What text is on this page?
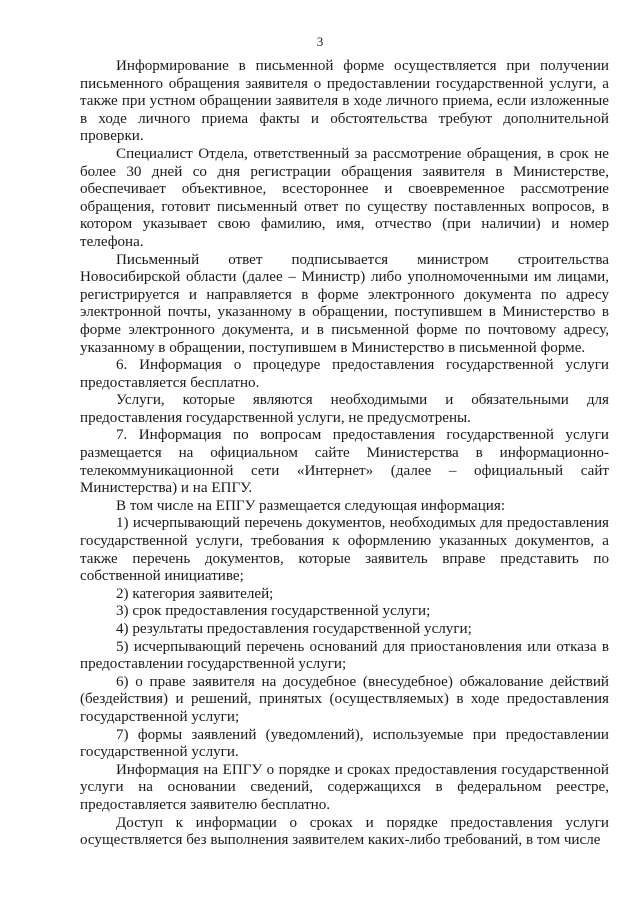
3

Информирование в письменной форме осуществляется при получении письменного обращения заявителя о предоставлении государственной услуги, а также при устном обращении заявителя в ходе личного приема, если изложенные в ходе личного приема факты и обстоятельства требуют дополнительной проверки.

Специалист Отдела, ответственный за рассмотрение обращения, в срок не более 30 дней со дня регистрации обращения заявителя в Министерстве, обеспечивает объективное, всестороннее и своевременное рассмотрение обращения, готовит письменный ответ по существу поставленных вопросов, в котором указывает свою фамилию, имя, отчество (при наличии) и номер телефона.

Письменный ответ подписывается министром строительства Новосибирской области (далее – Министр) либо уполномоченными им лицами, регистрируется и направляется в форме электронного документа по адресу электронной почты, указанному в обращении, поступившем в Министерство в форме электронного документа, и в письменной форме по почтовому адресу, указанному в обращении, поступившем в Министерство в письменной форме.

6. Информация о процедуре предоставления государственной услуги предоставляется бесплатно.

Услуги, которые являются необходимыми и обязательными для предоставления государственной услуги, не предусмотрены.

7. Информация по вопросам предоставления государственной услуги размещается на официальном сайте Министерства в информационно-телекоммуникационной сети «Интернет» (далее – официальный сайт Министерства) и на ЕПГУ.

В том числе на ЕПГУ размещается следующая информация:

1) исчерпывающий перечень документов, необходимых для предоставления государственной услуги, требования к оформлению указанных документов, а также перечень документов, которые заявитель вправе представить по собственной инициативе;

2) категория заявителей;

3) срок предоставления государственной услуги;

4) результаты предоставления государственной услуги;

5) исчерпывающий перечень оснований для приостановления или отказа в предоставлении государственной услуги;

6) о праве заявителя на досудебное (внесудебное) обжалование действий (бездействия) и решений, принятых (осуществляемых) в ходе предоставления государственной услуги;

7) формы заявлений (уведомлений), используемые при предоставлении государственной услуги.

Информация на ЕПГУ о порядке и сроках предоставления государственной услуги на основании сведений, содержащихся в федеральном реестре, предоставляется заявителю бесплатно.

Доступ к информации о сроках и порядке предоставления услуги осуществляется без выполнения заявителем каких-либо требований, в том числе
